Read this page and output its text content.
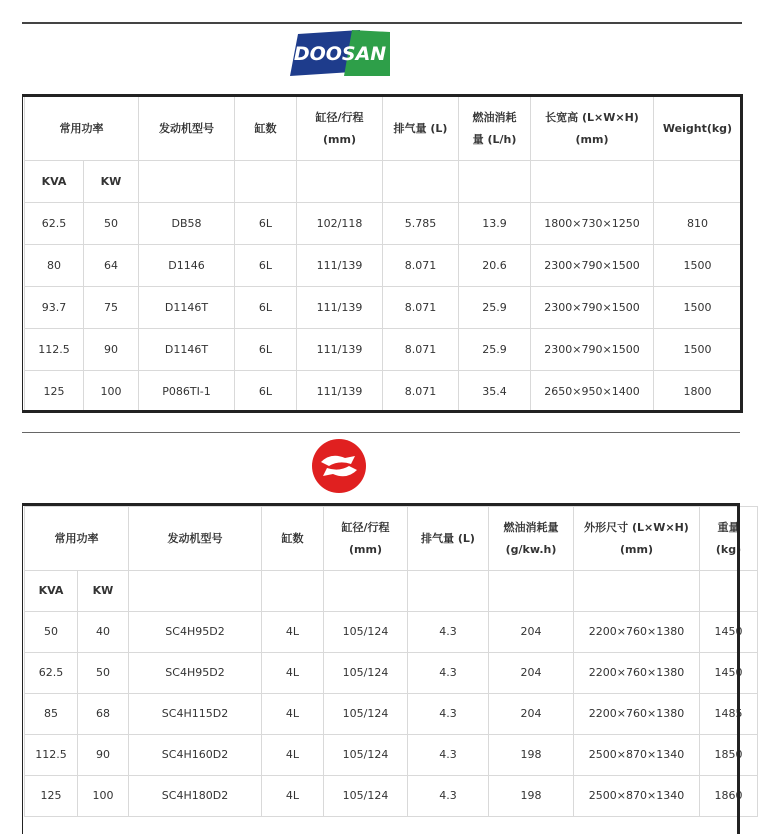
DOOSAN
常用功率		发动机型号	缸数	缸径/行程
(mm)	排气量 (L)	燃油消耗
量 (L/h)	长宽高 (L×W×H)
(mm)	Weight(kg)
KVA	KW							
62.5	50	DB58	6L	102/118	5.785	13.9	1800×730×1250	810
80	64	D1146	6L	111/139	8.071	20.6	2300×790×1500	1500
93.7	75	D1146T	6L	111/139	8.071	25.9	2300×790×1500	1500
112.5	90	D1146T	6L	111/139	8.071	25.9	2300×790×1500	1500
125	100	P086TI-1	6L	111/139	8.071	35.4	2650×950×1400	1800
常用功率		发动机型号	缸数	缸径/行程
(mm)	排气量 (L)	燃油消耗量
(g/kw.h)	外形尺寸 (L×W×H)
(mm)	重量
(kg)

KVA	KW							
50	40	SC4H95D2	4L	105/124	4.3	204	2200×760×1380	1450
62.5	50	SC4H95D2	4L	105/124	4.3	204	2200×760×1380	1450
85	68	SC4H115D2	4L	105/124	4.3	204	2200×760×1380	1485
112.5	90	SC4H160D2	4L	105/124	4.3	198	2500×870×1340	1850
125	100	SC4H180D2	4L	105/124	4.3	198	2500×870×1340	1860
